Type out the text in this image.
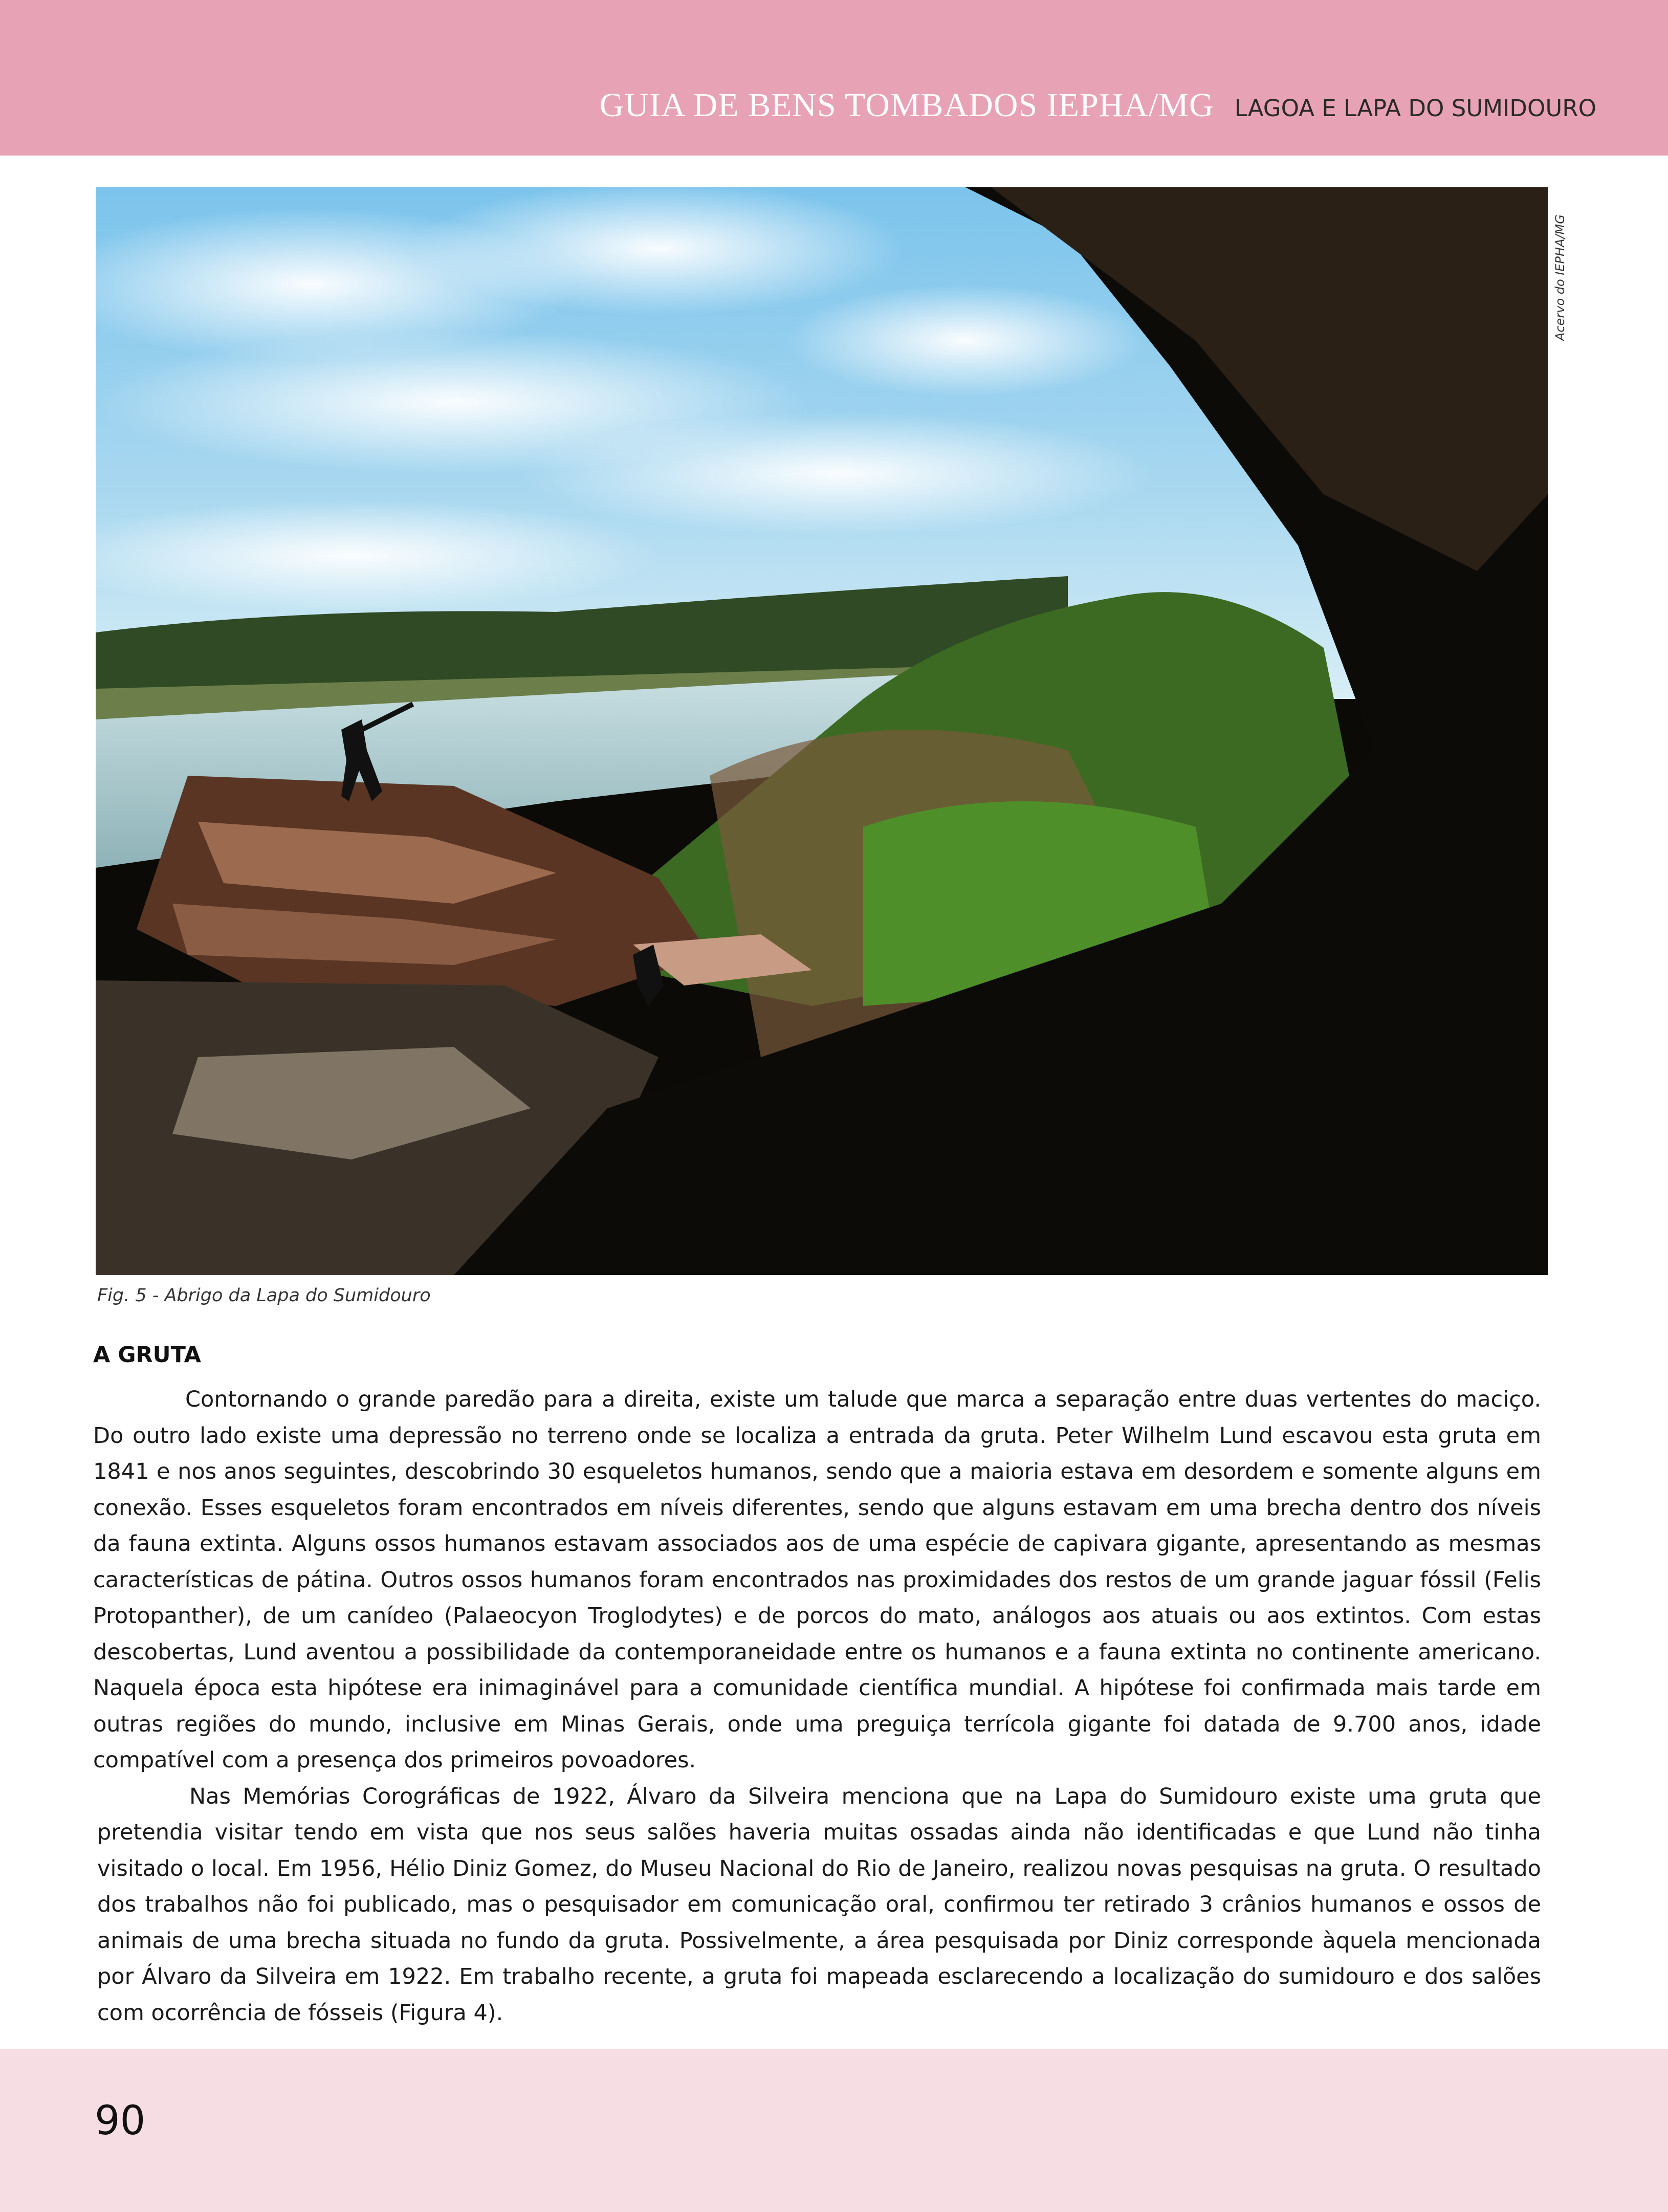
GUIA DE BENS TOMBADOS IEPHA/MG LAGOA E LAPA DO SUMIDOURO
Acervo do IEPHA/MG
Fig. 5 - Abrigo da Lapa do Sumidouro
A GRUTA

Contornando o grande paredão para a direita, existe um talude que marca a separação entre duas vertentes do maciço. Do outro lado existe uma depressão no terreno onde se localiza a entrada da gruta. Peter Wilhelm Lund escavou esta gruta em 1841 e nos anos seguintes, descobrindo 30 esqueletos humanos, sendo que a maioria estava em desordem e somente alguns em conexão. Esses esqueletos foram encontrados em níveis diferentes, sendo que alguns estavam em uma brecha dentro dos níveis da fauna extinta. Alguns ossos humanos estavam associados aos de uma espécie de capivara gigante, apresentando as mesmas características de pátina. Outros ossos humanos foram encontrados nas proximidades dos restos de um grande jaguar fóssil (Felis Protopanther), de um canídeo (Palaeocyon Troglodytes) e de porcos do mato, análogos aos atuais ou aos extintos. Com estas descobertas, Lund aventou a possibilidade da contemporaneidade entre os humanos e a fauna extinta no continente americano. Naquela época esta hipótese era inimaginável para a comunidade científica mundial. A hipótese foi confirmada mais tarde em outras regiões do mundo, inclusive em Minas Gerais, onde uma preguiça terrícola gigante foi datada de 9.700 anos, idade compatível com a presença dos primeiros povoadores.

Nas Memórias Corográficas de 1922, Álvaro da Silveira menciona que na Lapa do Sumidouro existe uma gruta que pretendia visitar tendo em vista que nos seus salões haveria muitas ossadas ainda não identificadas e que Lund não tinha visitado o local. Em 1956, Hélio Diniz Gomez, do Museu Nacional do Rio de Janeiro, realizou novas pesquisas na gruta. O resultado dos trabalhos não foi publicado, mas o pesquisador em comunicação oral, confirmou ter retirado 3 crânios humanos e ossos de animais de uma brecha situada no fundo da gruta. Possivelmente, a área pesquisada por Diniz corresponde àquela mencionada por Álvaro da Silveira em 1922. Em trabalho recente, a gruta foi mapeada esclarecendo a localização do sumidouro e dos salões com ocorrência de fósseis (Figura 4).

90
